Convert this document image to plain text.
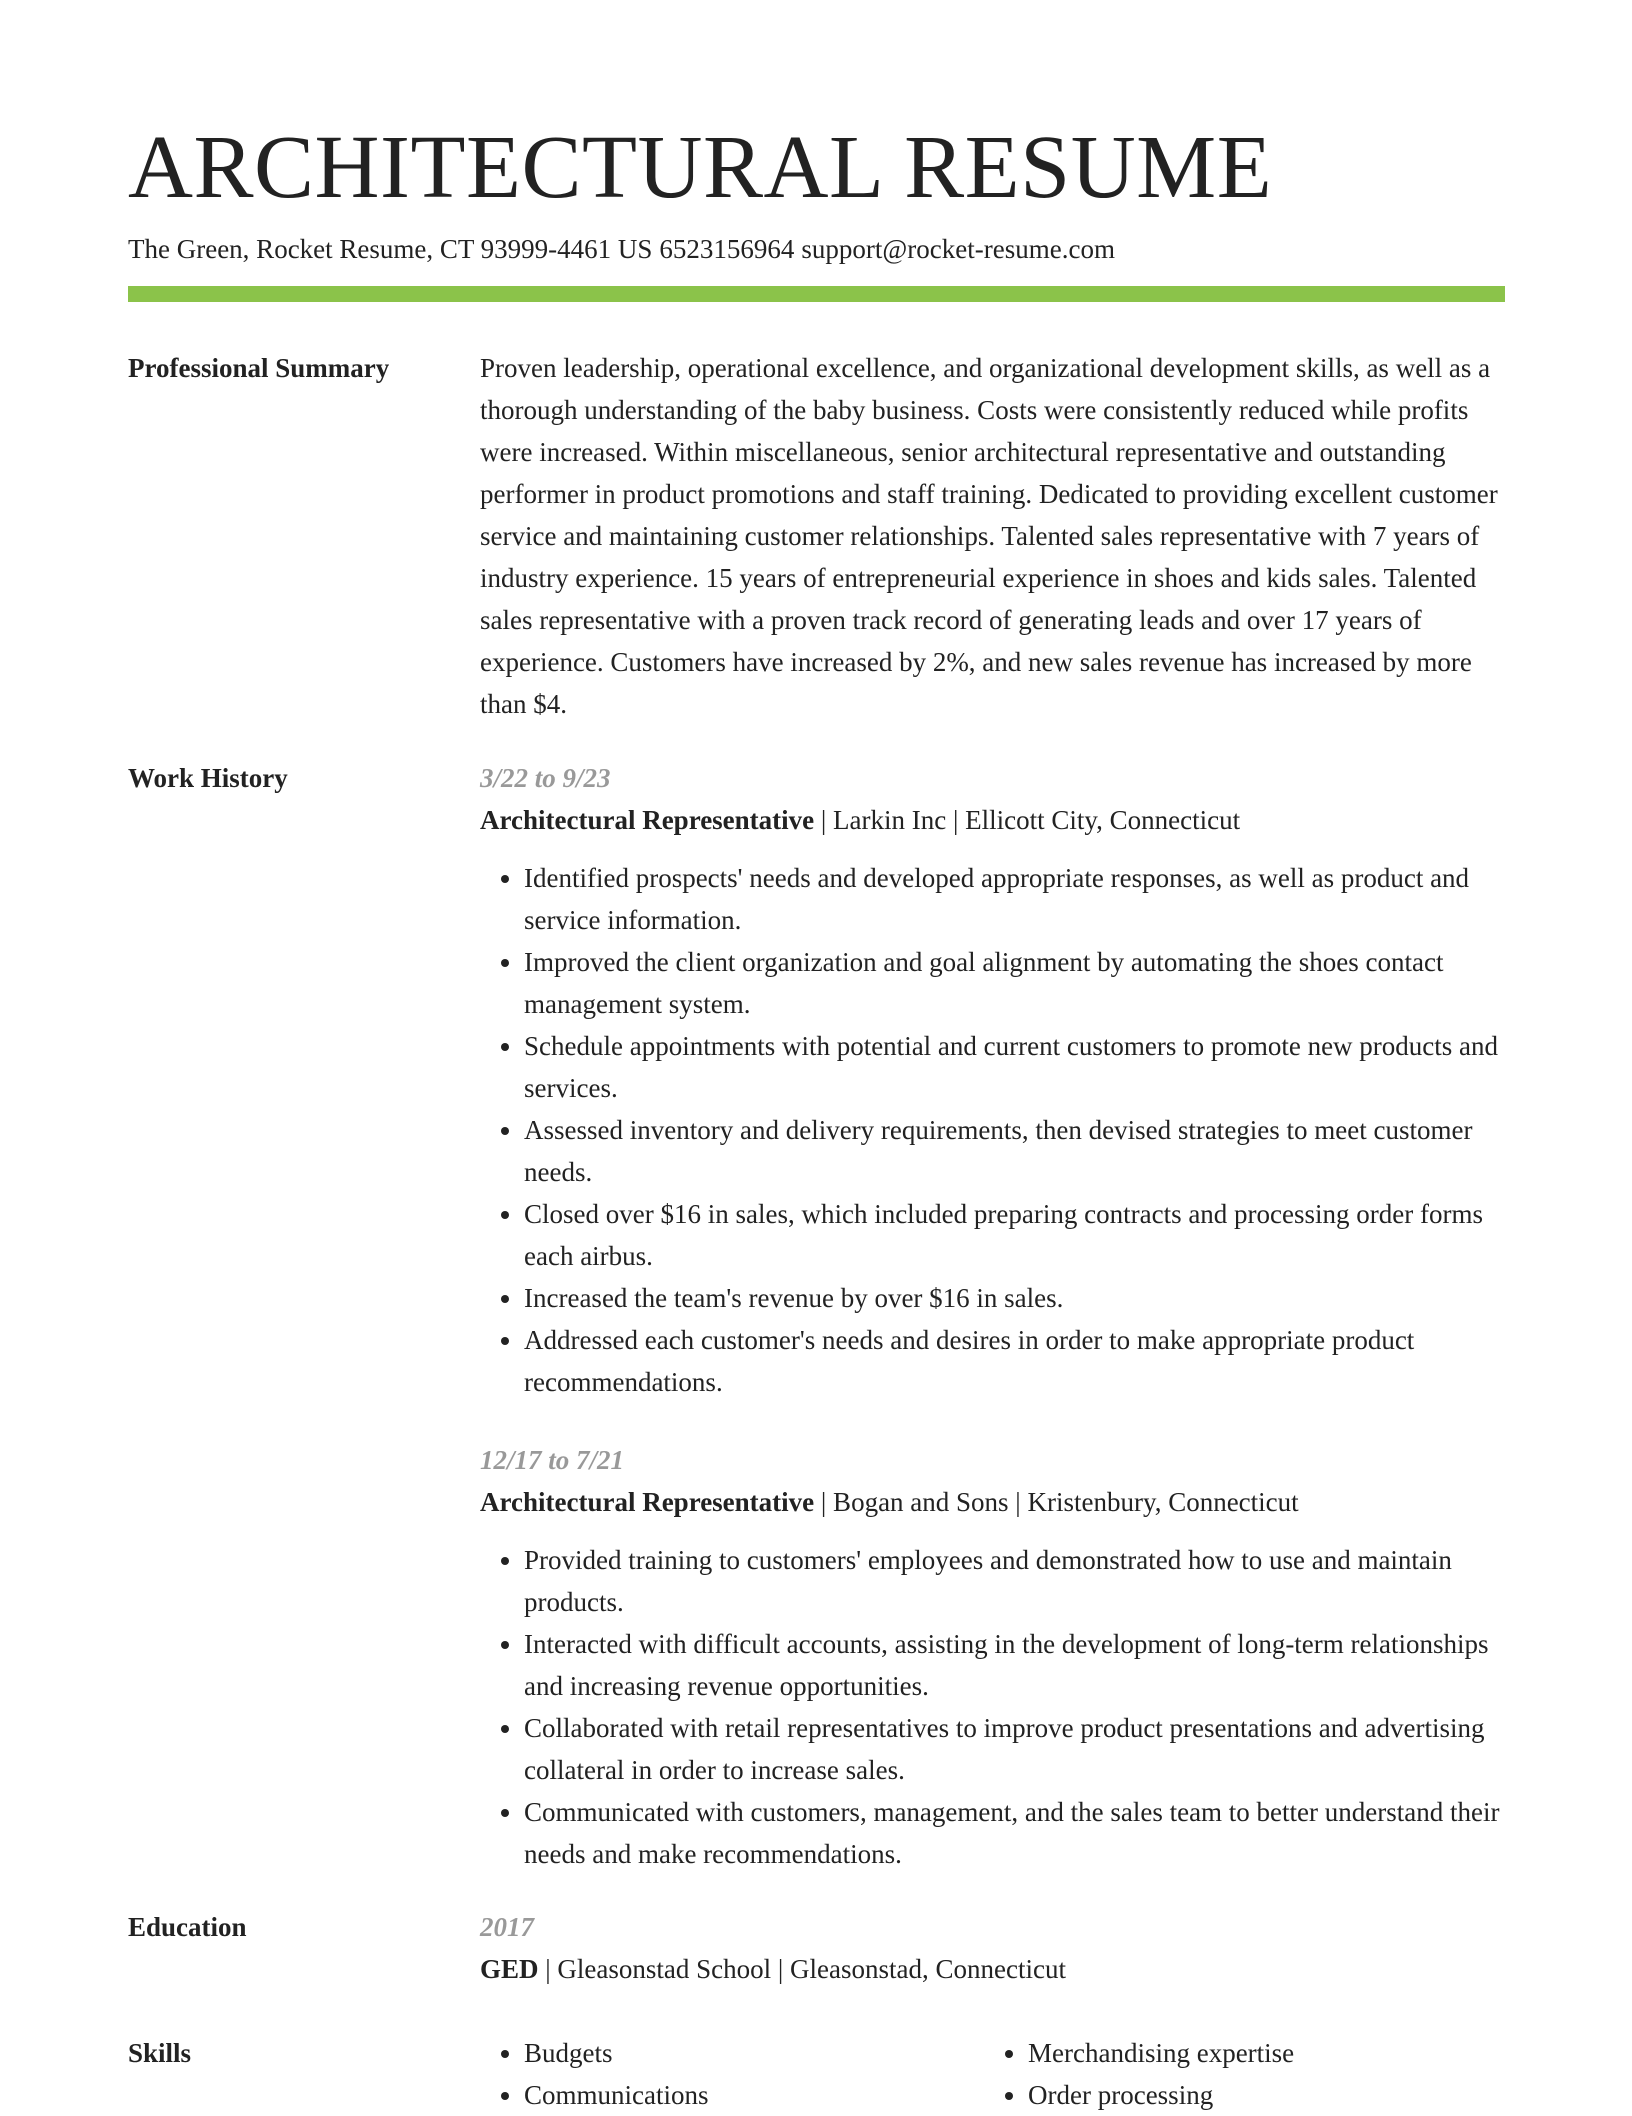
ARCHITECTURAL RESUME
The Green, Rocket Resume, CT 93999-4461 US 6523156964 support@rocket-resume.com
Professional Summary	Proven leadership, operational excellence, and organizational development skills, as well as a thorough understanding of the baby business. Costs were consistently reduced while profits were increased. Within miscellaneous, senior architectural representative and outstanding performer in product promotions and staff training. Dedicated to providing excellent customer service and maintaining customer relationships. Talented sales representative with 7 years of industry experience. 15 years of entrepreneurial experience in shoes and kids sales. Talented sales representative with a proven track record of generating leads and over 17 years of experience. Customers have increased by 2%, and new sales revenue has increased by more than $4.

Work History	3/22 to 9/23
Architectural Representative | Larkin Inc | Ellicott City, Connecticut
• Identified prospects' needs and developed appropriate responses, as well as product and service information.
• Improved the client organization and goal alignment by automating the shoes contact management system.
• Schedule appointments with potential and current customers to promote new products and services.
• Assessed inventory and delivery requirements, then devised strategies to meet customer needs.
• Closed over $16 in sales, which included preparing contracts and processing order forms each airbus.
• Increased the team's revenue by over $16 in sales.
• Addressed each customer's needs and desires in order to make appropriate product recommendations.
12/17 to 7/21
Architectural Representative | Bogan and Sons | Kristenbury, Connecticut
• Provided training to customers' employees and demonstrated how to use and maintain products.
• Interacted with difficult accounts, assisting in the development of long-term relationships and increasing revenue opportunities.
• Collaborated with retail representatives to improve product presentations and advertising collateral in order to increase sales.
• Communicated with customers, management, and the sales team to better understand their needs and make recommendations.
Education	2017
GED | Gleasonstad School | Gleasonstad, Connecticut
Skills
•	Budgets
• Communications
• Merchandising expertise
• Order processing
